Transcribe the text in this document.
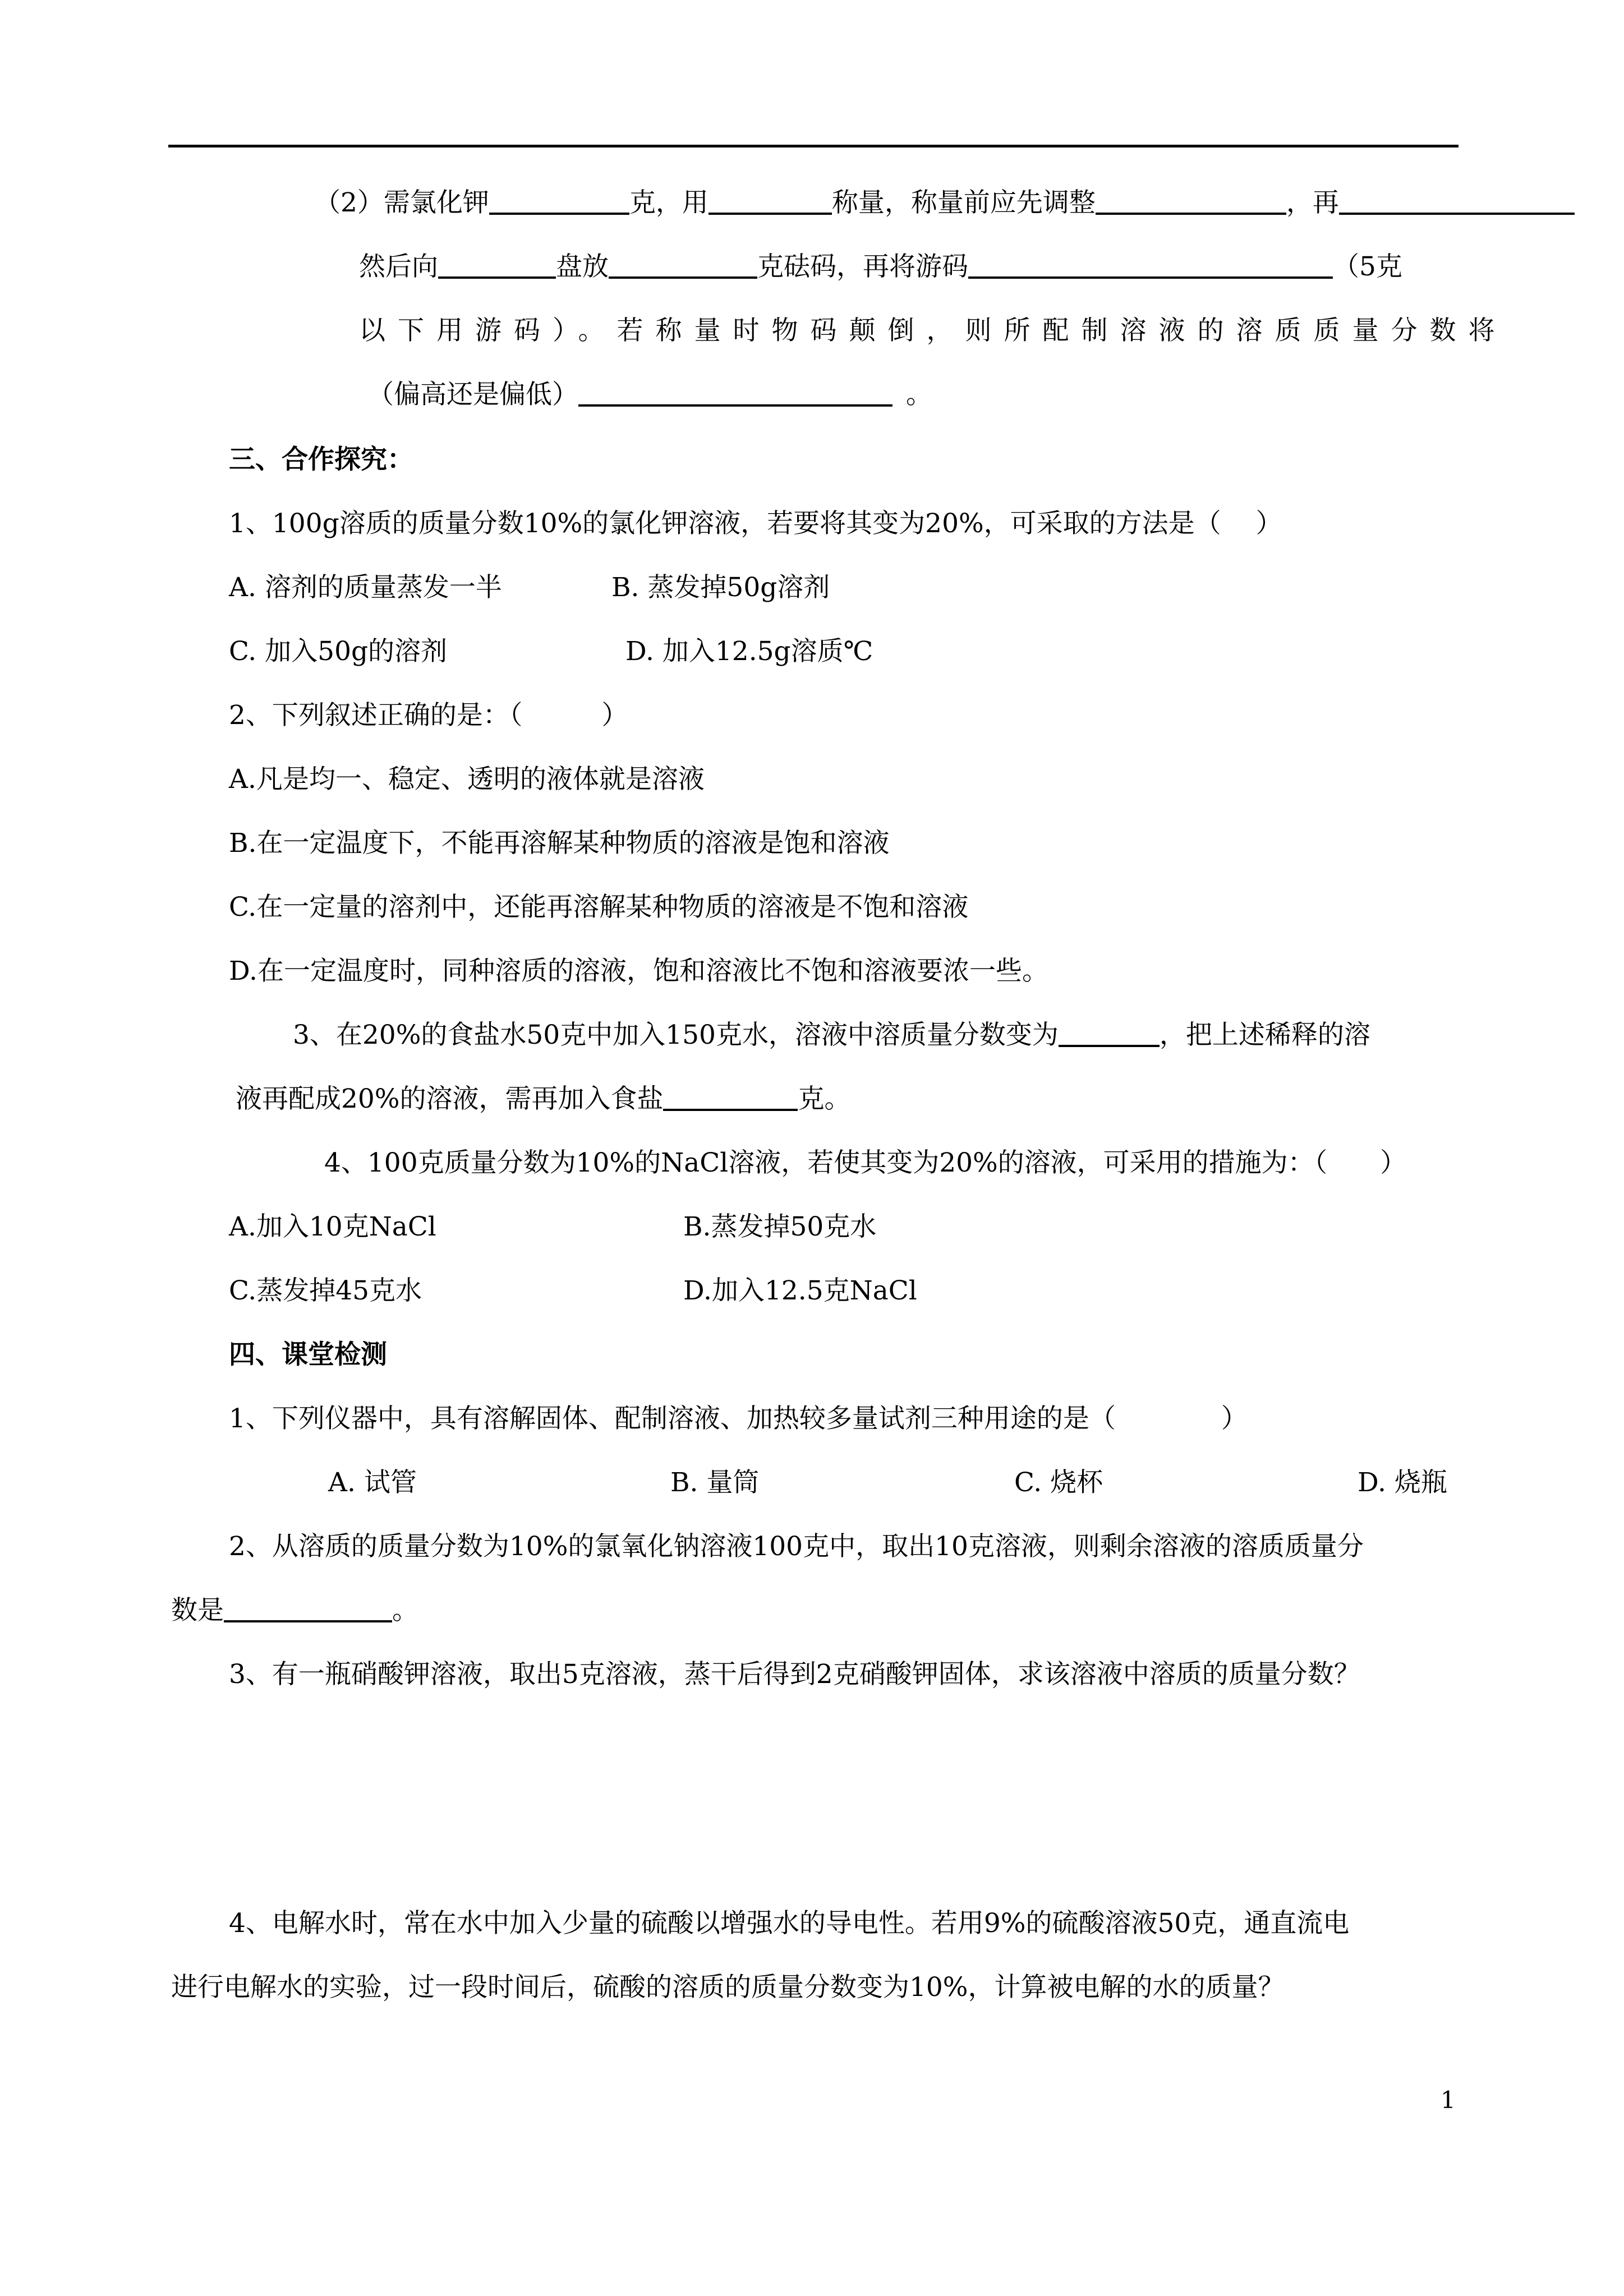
（2）需氯化钾	克，用	称量，称量前应先调整	，再
然后向	盘放	克砝码，再将游码	（5克
以下用游码）。若称量时物码颠倒，则所配制溶液的溶质质量分数将
（偏高还是偏低）	。
三、合作探究：
1、100g溶质的质量分数10%的氯化钾溶液，若要将其变为20%，可采取的方法是（　 ）
A. 溶剂的质量蒸发一半	B. 蒸发掉50g溶剂
C. 加入50g的溶剂	D. 加入12.5g溶质℃
2、下列叙述正确的是：（　　　）
A.凡是均一、稳定、透明的液体就是溶液
B.在一定温度下，不能再溶解某种物质的溶液是饱和溶液
C.在一定量的溶剂中，还能再溶解某种物质的溶液是不饱和溶液
D.在一定温度时，同种溶质的溶液，饱和溶液比不饱和溶液要浓一些。
3、在20%的食盐水50克中加入150克水，溶液中溶质量分数变为	，把上述稀释的溶
液再配成20%的溶液，需再加入食盐	克。
4、100克质量分数为10%的NaCl溶液，若使其变为20%的溶液，可采用的措施为：（　　）
A.加入10克NaCl	B.蒸发掉50克水
C.蒸发掉45克水	D.加入12.5克NaCl
四、课堂检测
1、下列仪器中，具有溶解固体、配制溶液、加热较多量试剂三种用途的是（　　　　）
A. 试管	B. 量筒	C. 烧杯	D. 烧瓶
2、从溶质的质量分数为10%的氯氧化钠溶液100克中，取出10克溶液，则剩余溶液的溶质质量分
数是	。
3、有一瓶硝酸钾溶液，取出5克溶液，蒸干后得到2克硝酸钾固体，求该溶液中溶质的质量分数？
4、电解水时，常在水中加入少量的硫酸以增强水的导电性。若用9%的硫酸溶液50克，通直流电
进行电解水的实验，过一段时间后，硫酸的溶质的质量分数变为10%，计算被电解的水的质量？
1
